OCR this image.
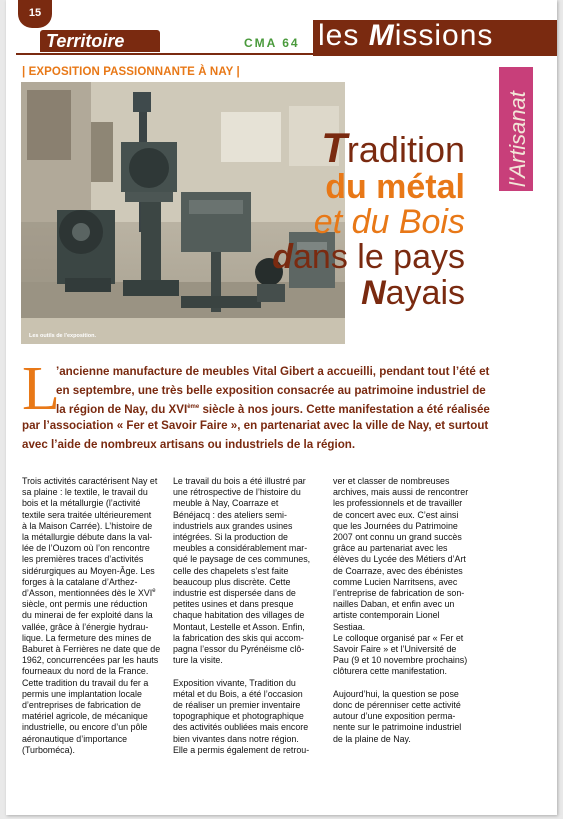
15
Territoire	CMA 64 les Missions
| EXPOSITION PASSIONNANTE À NAY |
Les outils de l'exposition.
l'Artisanat
Tradition
du métal
et du Bois
dans le pays
Nayais
L

’ancienne manufacture de meubles Vital Gibert a accueilli, pendant tout l’été et

en septembre, une très belle exposition consacrée au patrimoine industriel de

la région de Nay, du XVIème siècle à nos jours. Cette manifestation a été réalisée

par l’association « Fer et Savoir Faire », en partenariat avec la ville de Nay, et surtout
avec l’aide de nombreux artisans ou industriels de la région.

Trois activités caractérisent Nay et

sa plaine : le textile, le travail du

bois et la métallurgie (l’activité

textile sera traitée ultérieurement

à la Maison Carrée). L’histoire de

la métallurgie débute dans la val-

lée de l’Ouzom où l’on rencontre

les premières traces d’activités

sidérurgiques au Moyen-Âge. Les

forges à la catalane d’Arthez-

d’Asson, mentionnées dès le XVIe

siècle, ont permis une réduction

du minerai de fer exploité dans la

vallée, grâce à l’énergie hydrau-

lique. La fermeture des mines de

Baburet à Ferrières ne date que de

1962, concurrencées par les hauts

fourneaux du nord de la France.

Cette tradition du travail du fer a

permis une implantation locale

d’entreprises de fabrication de

matériel agricole, de mécanique

industrielle, ou encore d’un pôle

aéronautique d’importance

(Turboméca).

Le travail du bois a été illustré par

une rétrospective de l’histoire du

meuble à Nay, Coarraze et

Bénéjacq : des ateliers semi-

industriels aux grandes usines

intégrées. Si la production de

meubles a considérablement mar-

qué le paysage de ces communes,

celle des chapelets s’est faite

beaucoup plus discrète. Cette

industrie est dispersée dans de

petites usines et dans presque

chaque habitation des villages de

Montaut, Lestelle et Asson. Enfin,

la fabrication des skis qui accom-

pagna l’essor du Pyrénéisme clô-

ture la visite.

Exposition vivante, Tradition du

métal et du Bois, a été l’occasion

de réaliser un premier inventaire

topographique et photographique

des activités oubliées mais encore

bien vivantes dans notre région.

Elle a permis également de retrou-

ver et classer de nombreuses

archives, mais aussi de rencontrer

les professionnels et de travailler

de concert avec eux. C’est ainsi

que les Journées du Patrimoine

2007 ont connu un grand succès

grâce au partenariat avec les

élèves du Lycée des Métiers d’Art

de Coarraze, avec des ébénistes

comme Lucien Narritsens, avec

l’entreprise de fabrication de son-

nailles Daban, et enfin avec un

artiste contemporain Lionel

Sestiaa.

Le colloque organisé par « Fer et

Savoir Faire » et l’Université de

Pau (9 et 10 novembre prochains)

clôturera cette manifestation.

Aujourd’hui, la question se pose

donc de pérenniser cette activité

autour d’une exposition perma-

nente sur le patrimoine industriel

de la plaine de Nay.
